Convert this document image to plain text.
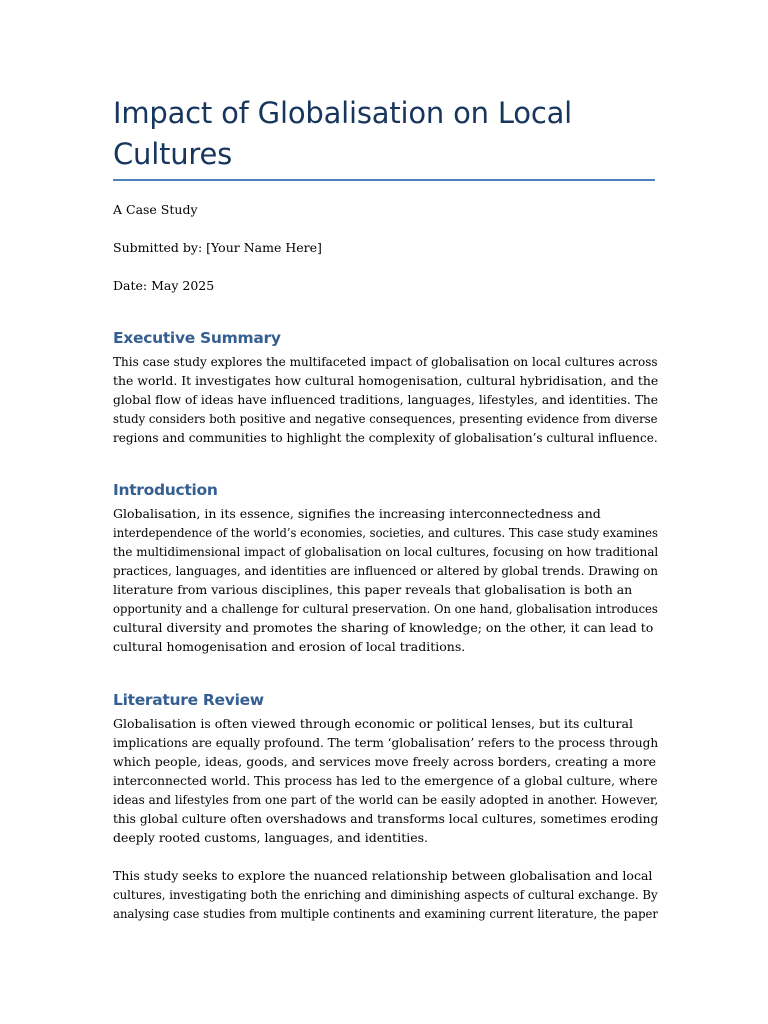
Impact of Globalisation on Local
Cultures

A Case Study

Submitted by: [Your Name Here]

Date: May 2025

Executive Summary
This case study explores the multifaceted impact of globalisation on local cultures across
the world. It investigates how cultural homogenisation, cultural hybridisation, and the
global flow of ideas have influenced traditions, languages, lifestyles, and identities. The
study considers both positive and negative consequences, presenting evidence from diverse
regions and communities to highlight the complexity of globalisation’s cultural influence.
Introduction
Globalisation, in its essence, signifies the increasing interconnectedness and
interdependence of the world’s economies, societies, and cultures. This case study examines
the multidimensional impact of globalisation on local cultures, focusing on how traditional
practices, languages, and identities are influenced or altered by global trends. Drawing on
literature from various disciplines, this paper reveals that globalisation is both an
opportunity and a challenge for cultural preservation. On one hand, globalisation introduces
cultural diversity and promotes the sharing of knowledge; on the other, it can lead to
cultural homogenisation and erosion of local traditions.
Literature Review
Globalisation is often viewed through economic or political lenses, but its cultural
implications are equally profound. The term ‘globalisation’ refers to the process through
which people, ideas, goods, and services move freely across borders, creating a more
interconnected world. This process has led to the emergence of a global culture, where
ideas and lifestyles from one part of the world can be easily adopted in another. However,
this global culture often overshadows and transforms local cultures, sometimes eroding
deeply rooted customs, languages, and identities.
This study seeks to explore the nuanced relationship between globalisation and local
cultures, investigating both the enriching and diminishing aspects of cultural exchange. By
analysing case studies from multiple continents and examining current literature, the paper
